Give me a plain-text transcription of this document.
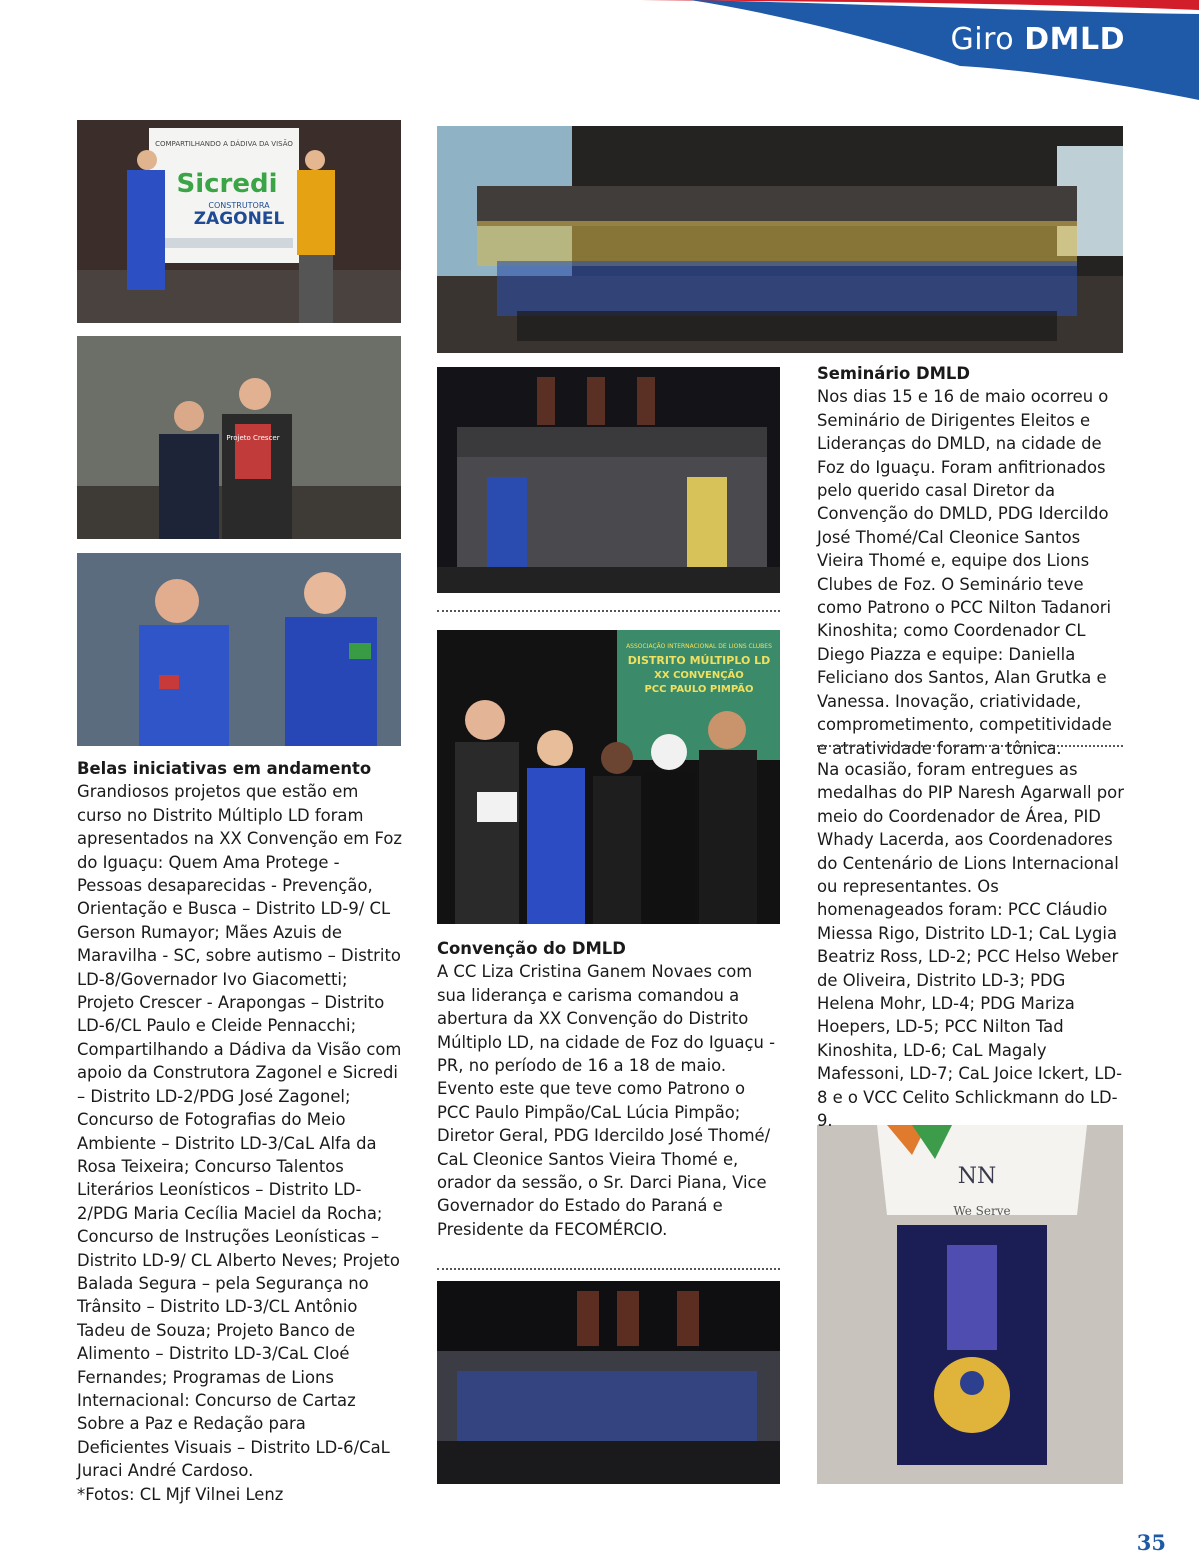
Giro DMLD
COMPARTILHANDO A DÁDIVA DA VISÃO
Sicredi
CONSTRUTORA
ZAGONEL
Projeto Crescer
ASSOCIAÇÃO INTERNACIONAL DE LIONS CLUBES
DISTRITO MÚLTIPLO LD
XX CONVENÇÃO
PCC PAULO PIMPÃO
NN
We Serve
Belas iniciativas em andamento

Grandiosos projetos que estão em curso no Distrito Múltiplo LD foram apresentados na XX Convenção em Foz do Iguaçu: Quem Ama Protege - Pessoas desaparecidas - Prevenção, Orientação e Busca – Distrito LD-9/ CL Gerson Rumayor; Mães Azuis de Maravilha - SC, sobre autismo – Distrito LD-8/Governador Ivo Giacometti; Projeto Crescer - Arapongas – Distrito LD-6/CL Paulo e Cleide Pennacchi; Compartilhando a Dádiva da Visão com apoio da Construtora Zagonel e Sicredi – Distrito LD-2/PDG José Zagonel; Concurso de Fotografias do Meio Ambiente – Distrito LD-3/CaL Alfa da Rosa Teixeira; Concurso Talentos Literários Leonísticos – Distrito LD-2/PDG Maria Cecília Maciel da Rocha; Concurso de Instruções Leonísticas – Distrito LD-9/ CL Alberto Neves; Projeto Balada Segura – pela Segurança no Trânsito – Distrito LD-3/CL Antônio Tadeu de Souza; Projeto Banco de Alimento – Distrito LD-3/CaL Cloé Fernandes; Programas de Lions Internacional: Concurso de Cartaz Sobre a Paz e Redação para Deficientes Visuais – Distrito LD-6/CaL Juraci André Cardoso.

*Fotos: CL Mjf Vilnei Lenz

Convenção do DMLD

A CC Liza Cristina Ganem Novaes com sua liderança e carisma comandou a abertura da XX Convenção do Distrito Múltiplo LD, na cidade de Foz do Iguaçu - PR, no período de 16 a 18 de maio. Evento este que teve como Patrono o PCC Paulo Pimpão/CaL Lúcia Pimpão; Diretor Geral, PDG Idercildo José Thomé/ CaL Cleonice Santos Vieira Thomé e, orador da sessão, o Sr. Darci Piana, Vice Governador do Estado do Paraná e Presidente da FECOMÉRCIO.

Seminário DMLD

Nos dias 15 e 16 de maio ocorreu o Seminário de Dirigentes Eleitos e Lideranças do DMLD, na cidade de Foz do Iguaçu. Foram anfitrionados pelo querido casal Diretor da Convenção do DMLD, PDG Idercildo José Thomé/Cal Cleonice Santos Vieira Thomé e, equipe dos Lions Clubes de Foz. O Seminário teve como Patrono o PCC Nilton Tadanori Kinoshita; como Coordenador CL Diego Piazza e equipe: Daniella Feliciano dos Santos, Alan Grutka e Vanessa. Inovação, criatividade, comprometimento, competitividade e atratividade foram a tônica.

Na ocasião, foram entregues as medalhas do PIP Naresh Agarwall por meio do Coordenador de Área, PID Whady Lacerda, aos Coordenadores do Centenário de Lions Internacional ou representantes. Os homenageados foram: PCC Cláudio Miessa Rigo, Distrito LD-1; CaL Lygia Beatriz Ross, LD-2; PCC Helso Weber de Oliveira, Distrito LD-3; PDG Helena Mohr, LD-4; PDG Mariza Hoepers, LD-5; PCC Nilton Tad Kinoshita, LD-6; CaL Magaly Mafessoni, LD-7; CaL Joice Ickert, LD-8 e o VCC Celito Schlickmann do LD-9.

35
